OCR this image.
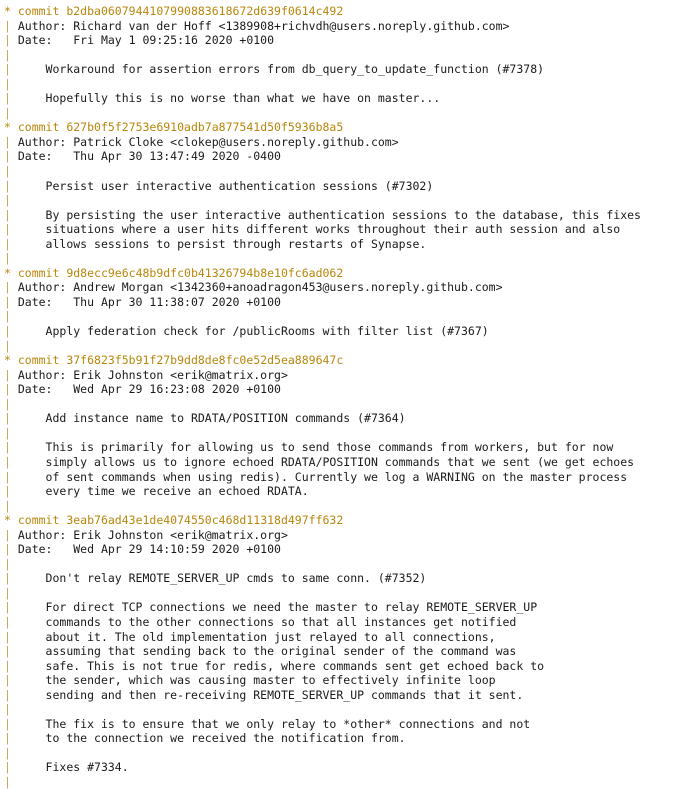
* commit b2dba0607944107990883618672d639f0614c492
| Author: Richard van der Hoff <1389908+richvdh@users.noreply.github.com>
| Date:   Fri May 1 09:25:16 2020 +0100
|
|     Workaround for assertion errors from db_query_to_update_function (#7378)
|
|     Hopefully this is no worse than what we have on master...
|
* commit 627b0f5f2753e6910adb7a877541d50f5936b8a5
| Author: Patrick Cloke <clokep@users.noreply.github.com>
| Date:   Thu Apr 30 13:47:49 2020 -0400
|
|     Persist user interactive authentication sessions (#7302)
|
|     By persisting the user interactive authentication sessions to the database, this fixes
|     situations where a user hits different works throughout their auth session and also
|     allows sessions to persist through restarts of Synapse.
|
* commit 9d8ecc9e6c48b9dfc0b41326794b8e10fc6ad062
| Author: Andrew Morgan <1342360+anoadragon453@users.noreply.github.com>
| Date:   Thu Apr 30 11:38:07 2020 +0100
|
|     Apply federation check for /publicRooms with filter list (#7367)
|
* commit 37f6823f5b91f27b9dd8de8fc0e52d5ea889647c
| Author: Erik Johnston <erik@matrix.org>
| Date:   Wed Apr 29 16:23:08 2020 +0100
|
|     Add instance name to RDATA/POSITION commands (#7364)
|
|     This is primarily for allowing us to send those commands from workers, but for now
|     simply allows us to ignore echoed RDATA/POSITION commands that we sent (we get echoes
|     of sent commands when using redis). Currently we log a WARNING on the master process
|     every time we receive an echoed RDATA.
|
* commit 3eab76ad43e1de4074550c468d11318d497ff632
| Author: Erik Johnston <erik@matrix.org>
| Date:   Wed Apr 29 14:10:59 2020 +0100
|
|     Don't relay REMOTE_SERVER_UP cmds to same conn. (#7352)
|
|     For direct TCP connections we need the master to relay REMOTE_SERVER_UP
|     commands to the other connections so that all instances get notified
|     about it. The old implementation just relayed to all connections,
|     assuming that sending back to the original sender of the command was
|     safe. This is not true for redis, where commands sent get echoed back to
|     the sender, which was causing master to effectively infinite loop
|     sending and then re-receiving REMOTE_SERVER_UP commands that it sent.
|
|     The fix is to ensure that we only relay to *other* connections and not
|     to the connection we received the notification from.
|
|     Fixes #7334.
|
